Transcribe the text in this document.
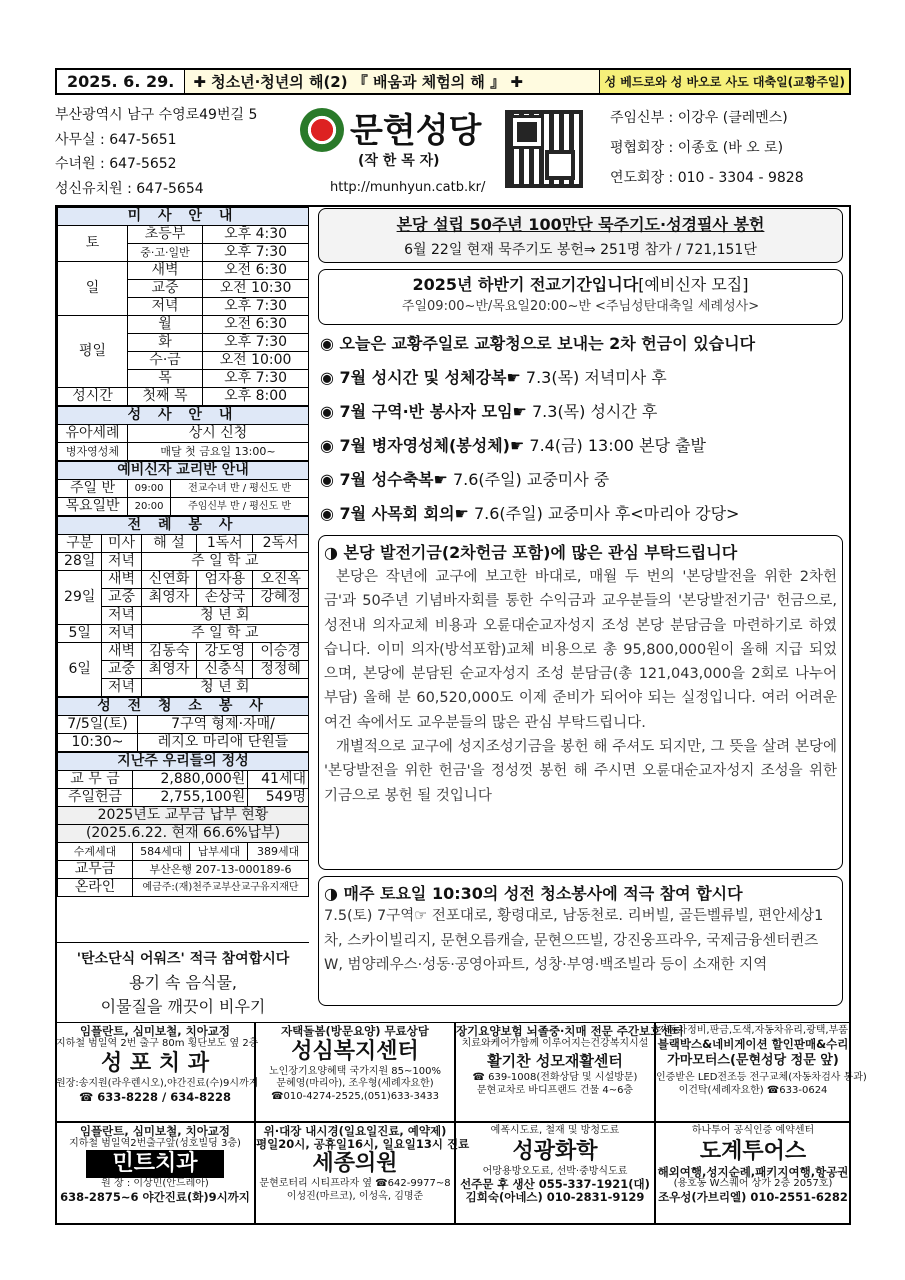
2025. 6. 29.	✚ 청소년·청년의 해(2) 『 배움과 체험의 해 』 ✚	성 베드로와 성 바오로 사도 대축일(교황주일)
부산광역시 남구 수영로49번길 5
사무실 : 647-5651
수녀원 : 647-5652
성신유치원 : 647-5654
문현성당
(작 한 목 자)
http://munhyun.catb.kr/
주임신부 : 이강우 (클레멘스)
평협회장 : 이종호 (바 오 로)
연도회장 : 010 - 3304 - 9828
미 사 안 내		
토	초등부	오후 4:30
	중·고·일반	오후 7:30
일	새벽	오전 6:30
	교중	오전 10:30
	저녁	오후 7:30
평일	월	오전 6:30
	화	오후 7:30
	수·금	오전 10:00
	목	오후 7:30
성시간	첫째 목	오후 8:00
성 사 안 내	
유아세례	상시 신청
병자영성체	매달 첫 금요일 13:00~
예비신자 교리반 안내		
주일 반	09:00	전교수녀 반 / 평신도 반
목요일반	20:00	주임신부 반 / 평신도 반
전 례 봉 사				
구분	미사	해 설	1독서	2독서
28일	저녁	주 일 학 교		
29일	새벽	신연화	엄자용	오진옥
	교중	최영자	손상국	강혜정
	저녁	청 년 회		
5일	저녁	주 일 학 교		
6일	새벽	김동숙	강도영	이승경
	교중	최영자	신충식	정정혜
	저녁	청 년 회		
성 전 청 소 봉 사	
7/5일(토)	7구역 형제·자매/
10:30~	레지오 마리애 단원들
지난주 우리들의 정성			
교 무 금	2,880,000원		41세대
주일헌금	2,755,100원		549명
2025년도 교무금 납부 현황			
(2025.6.22. 현재 66.6%납부)			
수계세대	584세대	납부세대	389세대
교무금	부산은행 207-13-000189-6		
온라인	예금주:(재)천주교부산교구유지재단		
'탄소단식 어워즈' 적극 참여합시다
용기 속 음식물,
이물질을 깨끗이 비우기
본당 설립 50주년 100만단 묵주기도·성경필사 봉헌
6월 22일 현재 묵주기도 봉헌⇒ 251명 참가 / 721,151단
2025년 하반기 전교기간입니다[예비신자 모집]
주일09:00~반/목요일20:00~반 <주님성탄대축일 세례성사>
◉ 오늘은 교황주일로 교황청으로 보내는 2차 헌금이 있습니다
◉ 7월 성시간 및 성체강복☛ 7.3(목) 저녁미사 후
◉ 7월 구역·반 봉사자 모임☛ 7.3(목) 성시간 후
◉ 7월 병자영성체(봉성체)☛ 7.4(금) 13:00 본당 출발
◉ 7월 성수축복☛ 7.6(주일) 교중미사 중
◉ 7월 사목회 회의☛ 7.6(주일) 교중미사 후<마리아 강당>
◑ 본당 발전기금(2차헌금 포함)에 많은 관심 부탁드립니다
본당은 작년에 교구에 보고한 바대로, 매월 두 번의 '본당발전을 위한 2차헌금'과 50주년 기념바자회를 통한 수익금과 교우분들의 '본당발전기금' 헌금으로, 성전내 의자교체 비용과 오륜대순교자성지 조성 본당 분담금을 마련하기로 하였습니다. 이미 의자(방석포함)교체 비용으로 총 95,800,000원이 올해 지급 되었으며, 본당에 분담된 순교자성지 조성 분담금(총 121,043,000을 2회로 나누어 부담) 올해 분 60,520,000도 이제 준비가 되어야 되는 실정입니다. 여러 어려운 여건 속에서도 교우분들의 많은 관심 부탁드립니다.
개별적으로 교구에 성지조성기금을 봉헌 해 주셔도 되지만, 그 뜻을 살려 본당에 '본당발전을 위한 헌금'을 정성껏 봉헌 해 주시면 오륜대순교자성지 조성을 위한 기금으로 봉헌 될 것입니다
◑ 매주 토요일 10:30의 성전 청소봉사에 적극 참여 합시다
7.5(토) 7구역☞ 전포대로, 황령대로, 남동천로. 리버빌, 골든벨류빌, 편안세상1차, 스카이빌리지, 문현오름캐슬, 문현으뜨빌, 강진웅프라우, 국제금융센터퀸즈W, 범양레우스·성동·공영아파트, 성창·부영·백조빌라 등이 소재한 지역
임플란트, 심미보철, 치아교정
지하철 범일역 2번 출구 80m 횡단보도 옆 2층
성 포 치 과
원장:송지원(라우렌시오),야간진료(수)9시까지
☎ 633-8228 / 634-8228
자택돌봄(방문요양) 무료상담
성심복지센터
노인장기요양혜택 국가지원 85~100%
문혜영(마리아), 조우형(세례자요한)
☎010-4274-2525,(051)633-3433
장기요양보험 뇌졸중·치매 전문 주간보호센터
치료와케어가함께 이루어지는건강복지시설
활기찬 성모재활센터
☎ 639-1008(전화상담 및 시설방문)
문현교차로 바디프랜드 건물 4~6층
자동차정비,판금,도색,자동차유리,광택,부품
블랙박스&네비게이션 할인판매&수리
가마모터스(문현성당 정문 앞)
인증받은 LED전조등 전구교체(자동차검사 통과)
이건탁(세례자요한) ☎633-0624
임플란트, 심미보철, 치아교정
지하철 범일역2번출구앞(성호빌딩 3층)
민트치과
원 장 : 이상민(안드레아)
638-2875~6 야간진료(화)9시까지
위·대장 내시경(일요일진료, 예약제)
평일20시, 공휴일16시, 일요일13시 진료
세종의원
문현로터리 시티프라자 옆 ☎642-9977~8
이성진(마르코), 이성옥, 김명준
예폭시도료, 철재 및 방청도료
성광화학
어망용방오도료, 선박·중방식도료
선주문 후 생산 055-337-1921(대)
김희숙(아네스) 010-2831-9129
하나투어 공식인증 예약센터
도계투어스
해외여행,성지순례,패키지여행,항공권
(용호동 W스퀘어 상가 2층 2057호)
조우성(가브리엘) 010-2551-6282
